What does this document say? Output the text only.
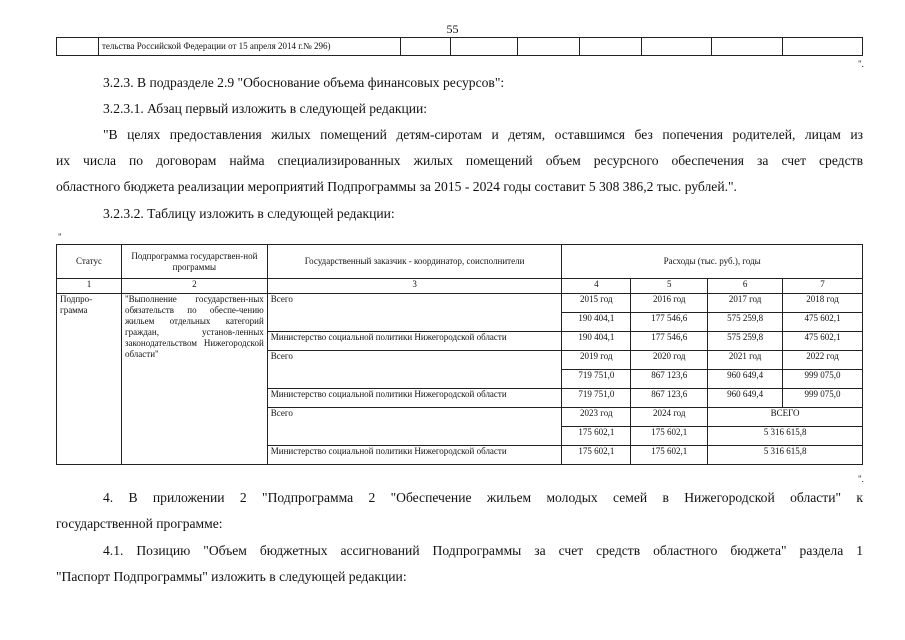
55
	тельства Российской Федерации от 15 апреля 2014 г.№ 296)							
".
3.2.3. В подразделе 2.9 "Обоснование объема финансовых ресурсов":
3.2.3.1. Абзац первый изложить в следующей редакции:
"В целях предоставления жилых помещений детям-сиротам и детям, оставшимся без попечения родителей, лицам из
их числа по договорам найма специализированных жилых помещений объем ресурсного обеспечения за счет средств
областного бюджета реализации мероприятий Подпрограммы за 2015 - 2024 годы составит 5 308 386,2 тыс. рублей.".
3.2.3.2. Таблицу изложить в следующей редакции:
"
Статус	Подпрограмма государствен-ной программы	Государственный заказчик - координатор, соисполнители	Расходы (тыс. руб.), годы			
1	2	3	4	5	6	7
Подпро-грамма	"Выполнение государствен-ных обязательств по обеспе-чению жильем отдельных категорий граждан, установ-ленных законодательством Нижегородской области"	Всего	2015 год	2016 год	2017 год	2018 год
			190 404,1	177 546,6	575 259,8	475 602,1
		Министерство социальной политики Нижегородской области	190 404,1	177 546,6	575 259,8	475 602,1
		Всего	2019 год	2020 год	2021 год	2022 год
			719 751,0	867 123,6	960 649,4	999 075,0
		Министерство социальной политики Нижегородской области	719 751,0	867 123,6	960 649,4	999 075,0
		Всего	2023 год	2024 год	ВСЕГО	
			175 602,1	175 602,1	5 316 615,8	
		Министерство социальной политики Нижегородской области	175 602,1	175 602,1	5 316 615,8	
".
4. В приложении 2 "Подпрограмма 2 "Обеспечение жильем молодых семей в Нижегородской области" к
государственной программе:
4.1. Позицию "Объем бюджетных ассигнований Подпрограммы за счет средств областного бюджета" раздела 1
"Паспорт Подпрограммы" изложить в следующей редакции:
